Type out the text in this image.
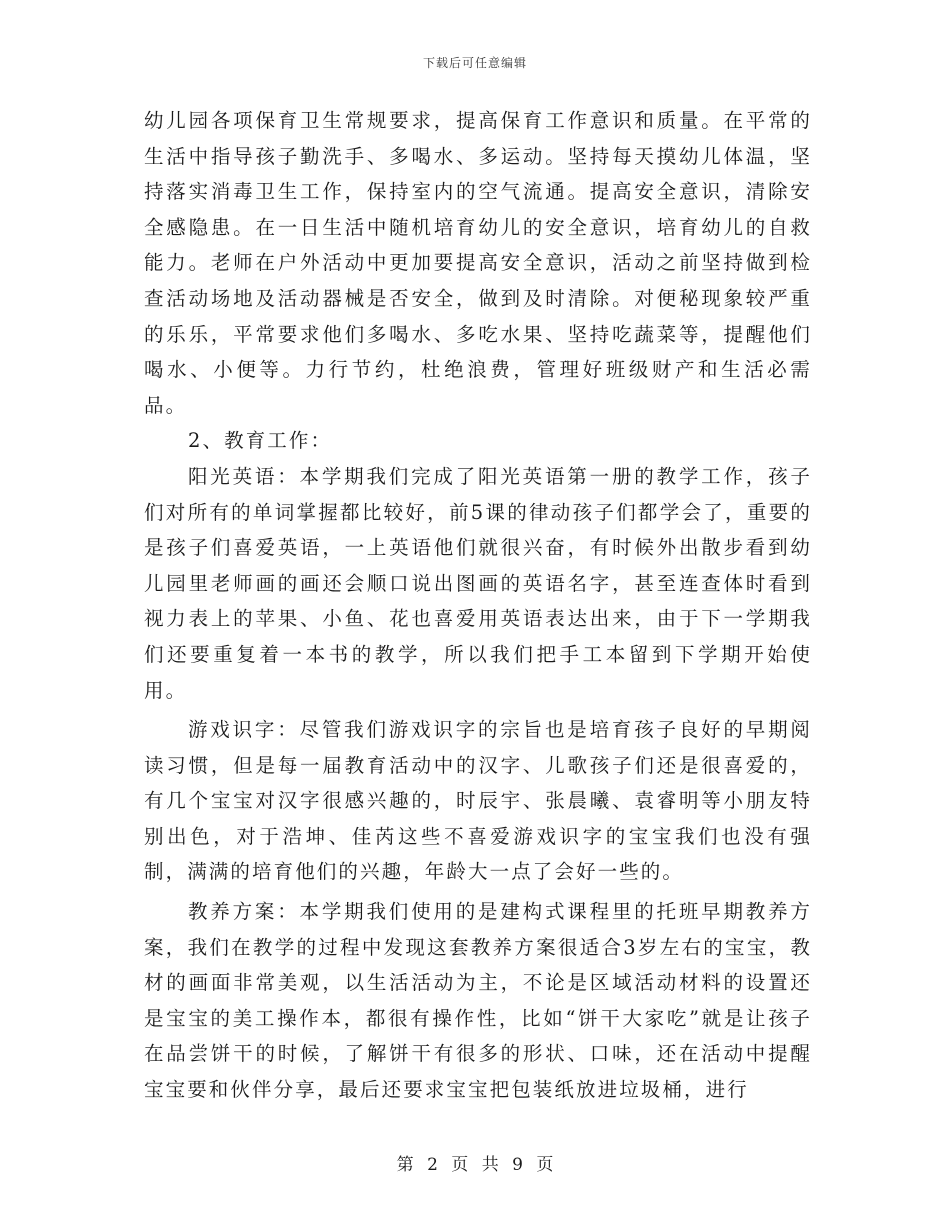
下载后可任意编辑

幼儿园各项保育卫生常规要求，提高保育工作意识和质量。在平常的生活中指导孩子勤洗手、多喝水、多运动。坚持每天摸幼儿体温，坚持落实消毒卫生工作，保持室内的空气流通。提高安全意识，清除安全感隐患。在一日生活中随机培育幼儿的安全意识，培育幼儿的自救能力。老师在户外活动中更加要提高安全意识，活动之前坚持做到检查活动场地及活动器械是否安全，做到及时清除。对便秘现象较严重的乐乐，平常要求他们多喝水、多吃水果、坚持吃蔬菜等，提醒他们喝水、小便等。力行节约，杜绝浪费，管理好班级财产和生活必需品。

2、教育工作：

阳光英语：本学期我们完成了阳光英语第一册的教学工作，孩子们对所有的单词掌握都比较好，前5课的律动孩子们都学会了，重要的是孩子们喜爱英语，一上英语他们就很兴奋，有时候外出散步看到幼儿园里老师画的画还会顺口说出图画的英语名字，甚至连查体时看到视力表上的苹果、小鱼、花也喜爱用英语表达出来，由于下一学期我们还要重复着一本书的教学，所以我们把手工本留到下学期开始使用。

游戏识字：尽管我们游戏识字的宗旨也是培育孩子良好的早期阅读习惯，但是每一届教育活动中的汉字、儿歌孩子们还是很喜爱的，有几个宝宝对汉字很感兴趣的，时辰宇、张晨曦、袁睿明等小朋友特别出色，对于浩坤、佳芮这些不喜爱游戏识字的宝宝我们也没有强制，满满的培育他们的兴趣，年龄大一点了会好一些的。

教养方案：本学期我们使用的是建构式课程里的托班早期教养方案，我们在教学的过程中发现这套教养方案很适合3岁左右的宝宝，教材的画面非常美观，以生活活动为主，不论是区域活动材料的设置还是宝宝的美工操作本，都很有操作性，比如“饼干大家吃”就是让孩子在品尝饼干的时候，了解饼干有很多的形状、口味，还在活动中提醒宝宝要和伙伴分享，最后还要求宝宝把包装纸放进垃圾桶，进行

第 2 页 共 9 页
